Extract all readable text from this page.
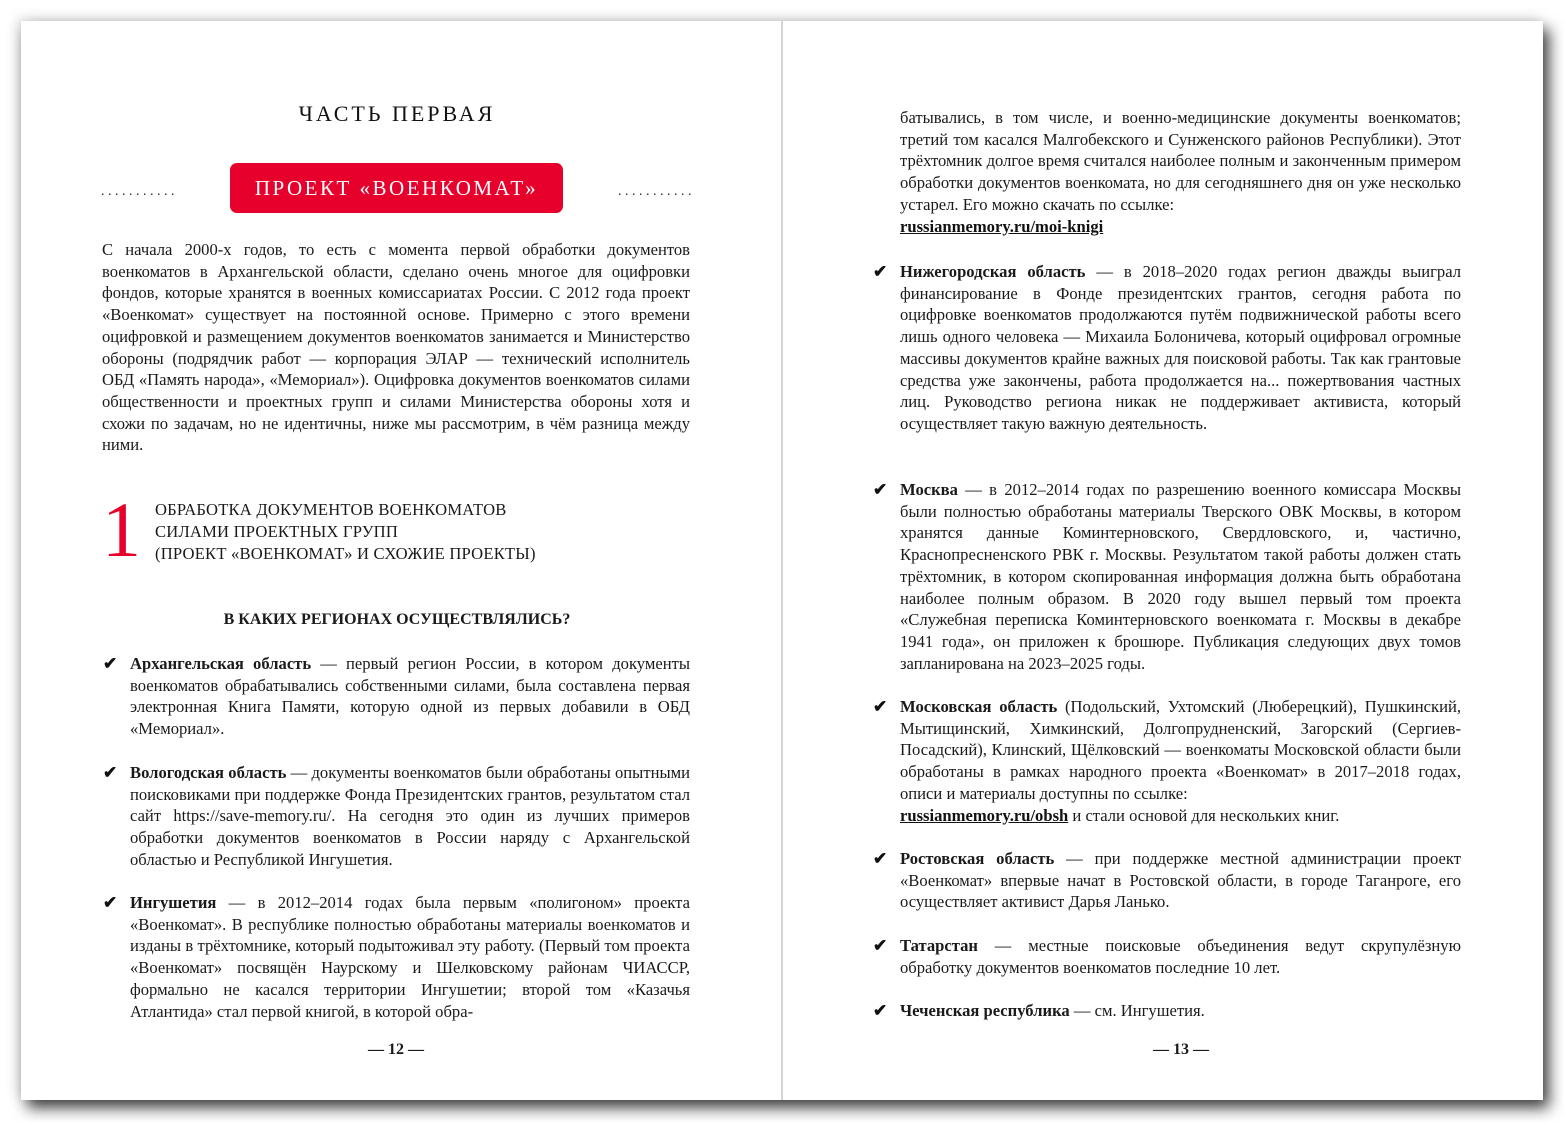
ЧАСТЬ ПЕРВАЯ
...........	ПРОЕКТ «ВОЕНКОМАТ»	...........
С начала 2000-х годов, то есть с момента первой обработки документов военкоматов в Архангельской области, сделано очень многое для оцифровки фондов, которые хранятся в военных комиссариатах России. С 2012 года проект «Военкомат» существует на постоянной основе. Примерно с этого времени оцифровкой и размещением документов военкоматов занимается и Министерство обороны (подрядчик работ — корпорация ЭЛАР — технический исполнитель ОБД «Память народа», «Мемориал»). Оцифровка документов военкоматов силами общественности и проектных групп и силами Министерства обороны хотя и схожи по задачам, но не идентичны, ниже мы рассмотрим, в чём разница между ними.
1 ОБРАБОТКА ДОКУМЕНТОВ ВОЕНКОМАТОВ
СИЛАМИ ПРОЕКТНЫХ ГРУПП
(ПРОЕКТ «ВОЕНКОМАТ» И СХОЖИЕ ПРОЕКТЫ)
В КАКИХ РЕГИОНАХ ОСУЩЕСТВЛЯЛИСЬ?
✔ Архангельская область — первый регион России, в котором документы военкоматов обрабатывались собственными силами, была составлена первая электронная Книга Памяти, которую одной из первых добавили в ОБД «Мемориал».
✔ Вологодская область — документы военкоматов были обработаны опытными поисковиками при поддержке Фонда Президентских грантов, результатом стал сайт https://save-memory.ru/. На сегодня это один из лучших примеров обработки документов военкоматов в России наряду с Архангельской областью и Республикой Ингушетия.
✔ Ингушетия — в 2012–2014 годах была первым «полигоном» проекта «Военкомат». В республике полностью обработаны материалы военкоматов и изданы в трёхтомнике, который подытоживал эту работу. (Первый том проекта «Военкомат» посвящён Наурскому и Шелковскому районам ЧИАССР, формально не касался территории Ингушетии; второй том «Казачья Атлантида» стал первой книгой, в которой обра-
— 12 —
батывались, в том числе, и военно-медицинские документы военкоматов; третий том касался Малгобекского и Сунженского районов Республики). Этот трёхтомник долгое время считался наиболее полным и законченным примером обработки документов военкомата, но для сегодняшнего дня он уже несколько устарел. Его можно скачать по ссылке:
russianmemory.ru/moi-knigi
✔ Нижегородская область — в 2018–2020 годах регион дважды выиграл финансирование в Фонде президентских грантов, сегодня работа по оцифровке военкоматов продолжаются путём подвижнической работы всего лишь одного человека — Михаила Болоничева, который оцифровал огромные массивы документов крайне важных для поисковой работы. Так как грантовые средства уже закончены, работа продолжается на... пожертвования частных лиц. Руководство региона никак не поддерживает активиста, который осуществляет такую важную деятельность.
✔ Москва — в 2012–2014 годах по разрешению военного комиссара Москвы были полностью обработаны материалы Тверского ОВК Москвы, в котором хранятся данные Коминтерновского, Свердловского, и, частично, Краснопресненского РВК г. Москвы. Результатом такой работы должен стать трёхтомник, в котором скопированная информация должна быть обработана наиболее полным образом. В 2020 году вышел первый том проекта «Служебная переписка Коминтерновского военкомата г. Москвы в декабре 1941 года», он приложен к брошюре. Публикация следующих двух томов запланирована на 2023–2025 годы.
✔ Московская область (Подольский, Ухтомский (Люберецкий), Пушкинский, Мытищинский, Химкинский, Долгопрудненский, Загорский (Сергиев-Посадский), Клинский, Щёлковский — военкоматы Московской области были обработаны в рамках народного проекта «Военкомат» в 2017–2018 годах, описи и материалы доступны по ссылке:
russianmemory.ru/obsh и стали основой для нескольких книг.
✔ Ростовская область — при поддержке местной администрации проект «Военкомат» впервые начат в Ростовской области, в городе Таганроге, его осуществляет активист Дарья Ланько.
✔ Татарстан — местные поисковые объединения ведут скрупулёзную обработку документов военкоматов последние 10 лет.
✔ Чеченская республика — см. Ингушетия.
— 13 —
